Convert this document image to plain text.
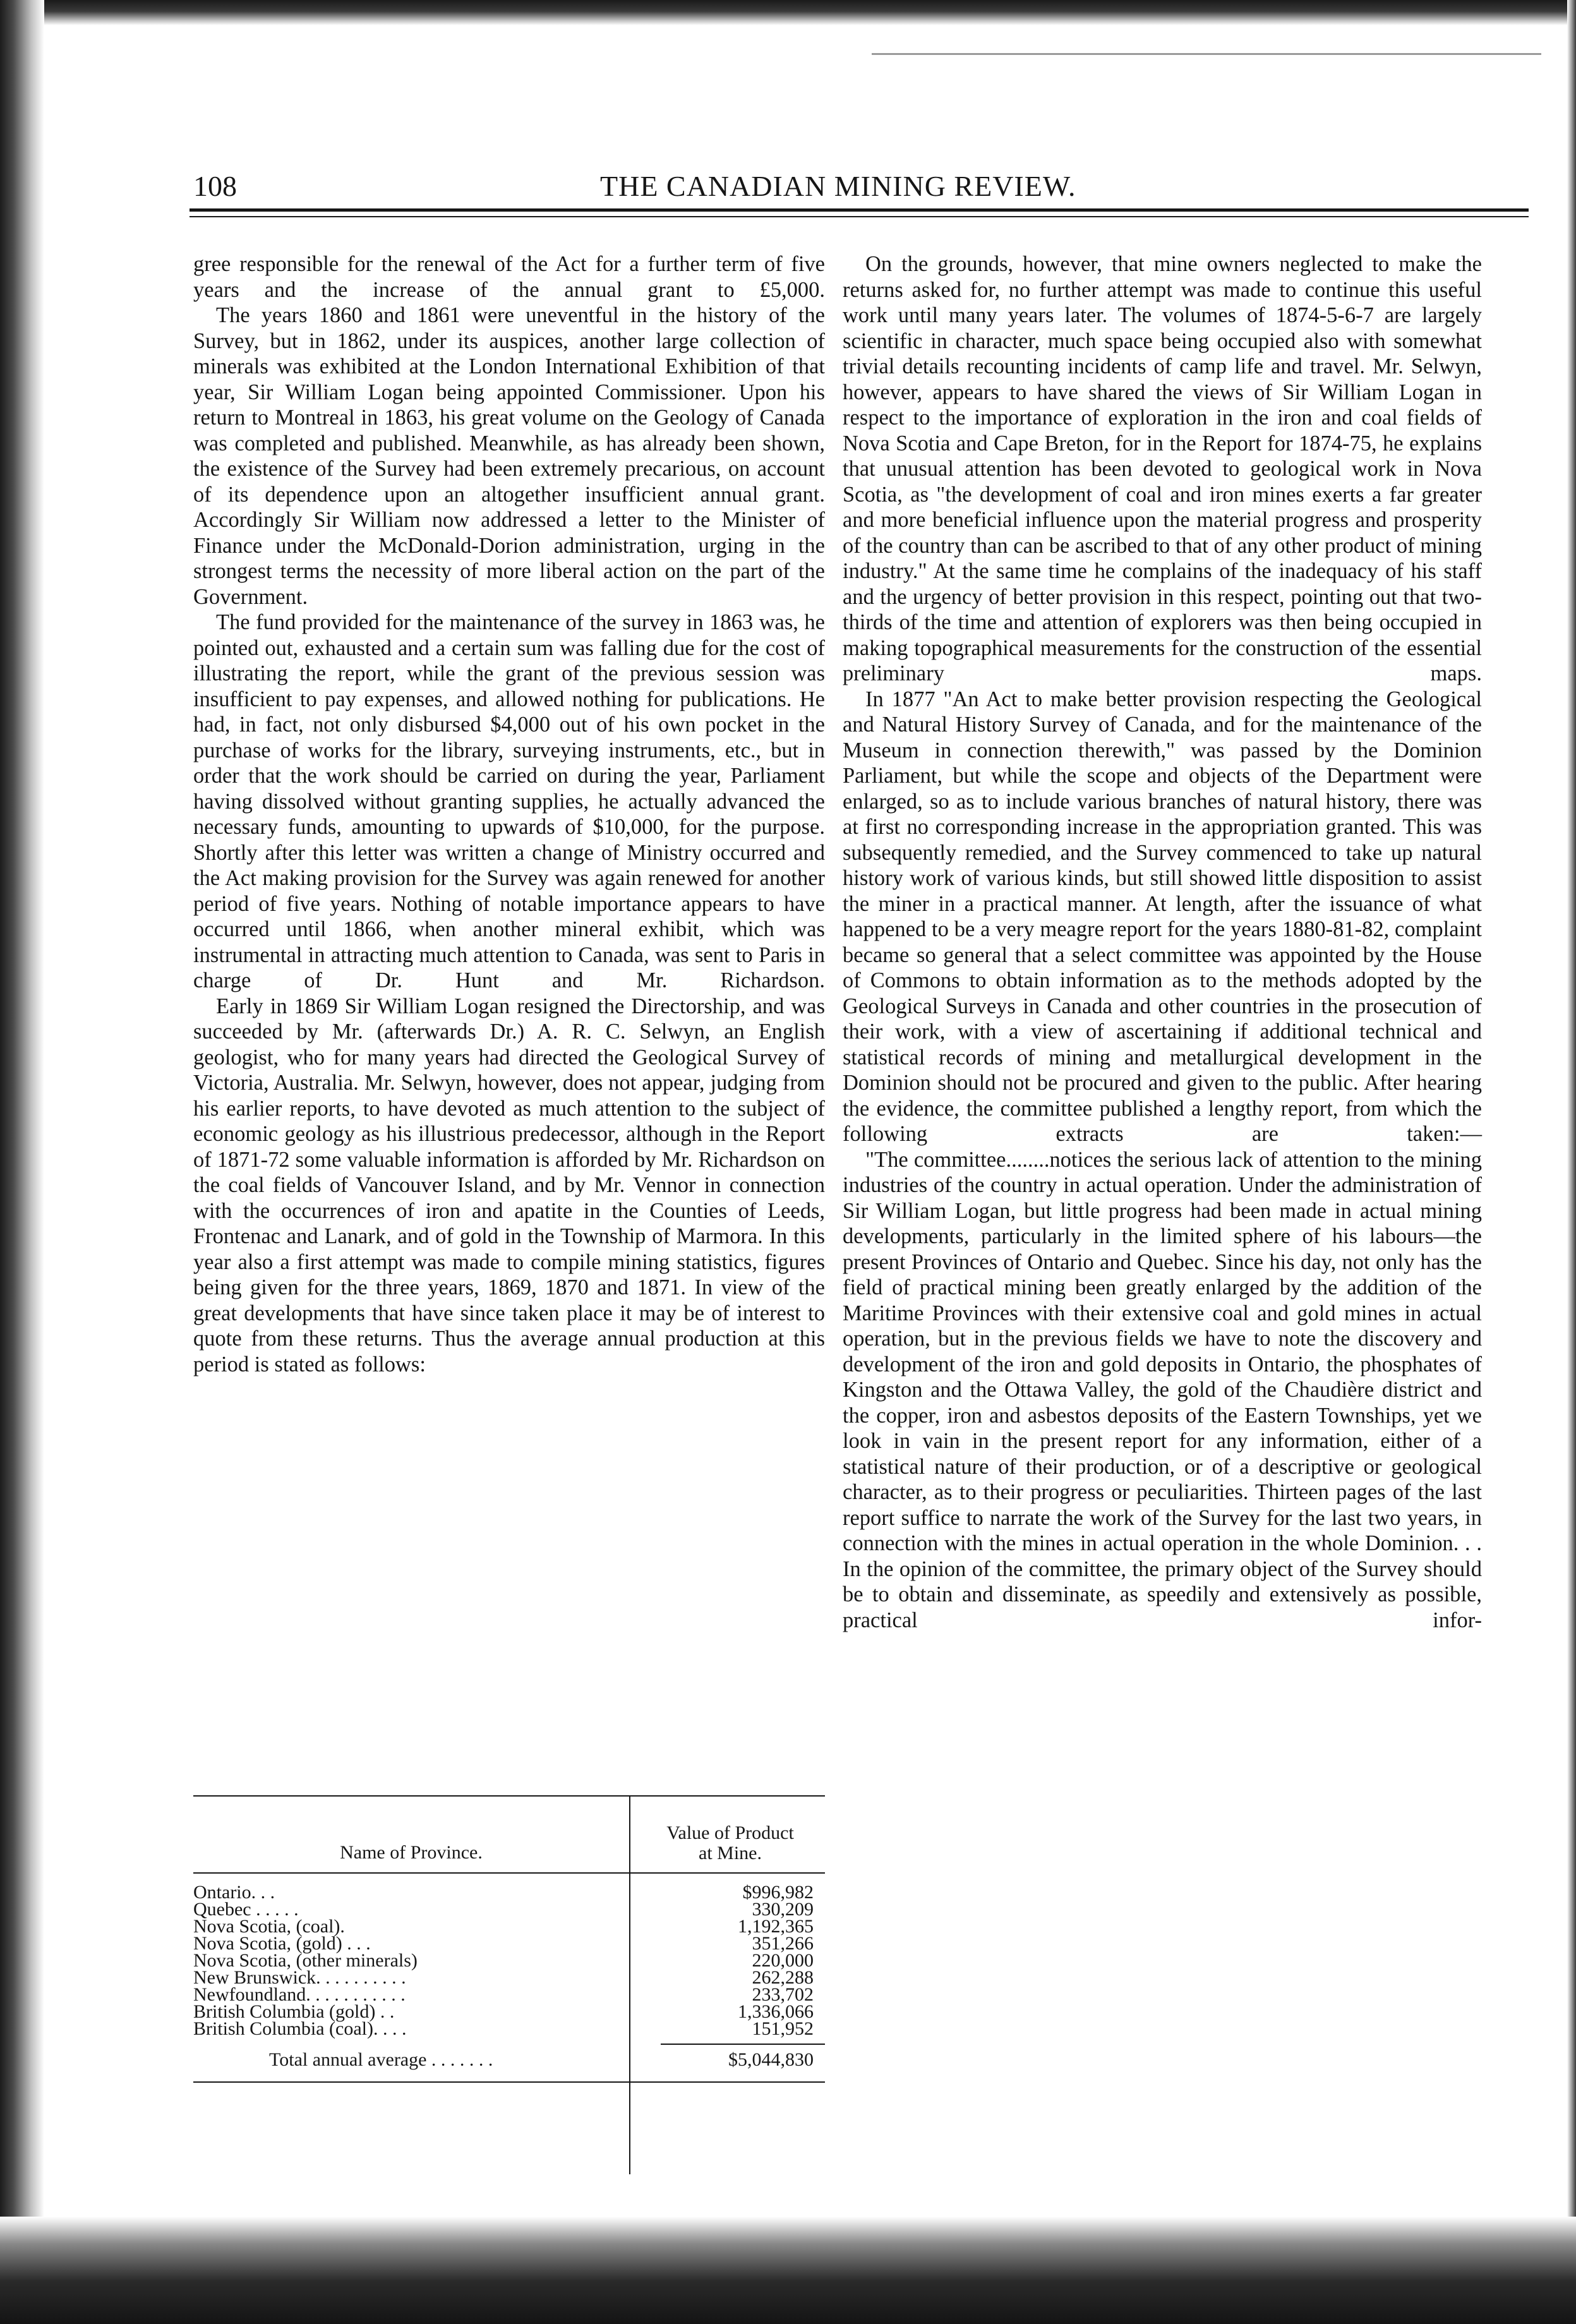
108	THE CANADIAN MINING REVIEW.

gree responsible for the renewal of the Act for a further term of five years and the increase of the annual grant to £5,000.

The years 1860 and 1861 were uneventful in the history of the Survey, but in 1862, under its auspices, another large collection of minerals was exhibited at the London International Exhibition of that year, Sir William Logan being appointed Commissioner. Upon his return to Montreal in 1863, his great volume on the Geology of Canada was completed and published. Meanwhile, as has already been shown, the existence of the Survey had been extremely precarious, on account of its dependence upon an altogether insufficient annual grant. Accordingly Sir William now addressed a letter to the Minister of Finance under the McDonald-Dorion administration, urging in the strongest terms the necessity of more liberal action on the part of the Government.

The fund provided for the maintenance of the survey in 1863 was, he pointed out, exhausted and a certain sum was falling due for the cost of illustrating the report, while the grant of the previous session was insufficient to pay expenses, and allowed nothing for publications. He had, in fact, not only disbursed $4,000 out of his own pocket in the purchase of works for the library, surveying instruments, etc., but in order that the work should be carried on during the year, Parliament having dissolved without granting supplies, he actually advanced the necessary funds, amounting to upwards of $10,000, for the purpose. Shortly after this letter was written a change of Ministry occurred and the Act making provision for the Survey was again renewed for another period of five years. Nothing of notable importance appears to have occurred until 1866, when another mineral exhibit, which was instrumental in attracting much attention to Canada, was sent to Paris in charge of Dr. Hunt and Mr. Richardson.

Early in 1869 Sir William Logan resigned the Directorship, and was succeeded by Mr. (afterwards Dr.) A. R. C. Selwyn, an English geologist, who for many years had directed the Geological Survey of Victoria, Australia. Mr. Selwyn, however, does not appear, judging from his earlier reports, to have devoted as much attention to the subject of economic geology as his illustrious predecessor, although in the Report of 1871-72 some valuable information is afforded by Mr. Richardson on the coal fields of Vancouver Island, and by Mr. Vennor in connection with the occurrences of iron and apatite in the Counties of Leeds, Frontenac and Lanark, and of gold in the Township of Marmora. In this year also a first attempt was made to compile mining statistics, figures being given for the three years, 1869, 1870 and 1871. In view of the great developments that have since taken place it may be of interest to quote from these returns. Thus the average annual production at this period is stated as follows:

Name of Province.
Value of Product
at Mine.
Ontario. . .	$996,982
Quebec . . . . .	330,209
Nova Scotia, (coal).	1,192,365
Nova Scotia, (gold) . . .	351,266
Nova Scotia, (other minerals)	220,000
New Brunswick. . . . . . . . . .	262,288
Newfoundland. . . . . . . . . . .	233,702
British Columbia (gold) . .	1,336,066
British Columbia (coal). . . .	151,952
Total annual average . . . . . . .	$5,044,830

On the grounds, however, that mine owners neglected to make the returns asked for, no further attempt was made to continue this useful work until many years later. The volumes of 1874-5-6-7 are largely scientific in character, much space being occupied also with somewhat trivial details recounting incidents of camp life and travel. Mr. Selwyn, however, appears to have shared the views of Sir William Logan in respect to the importance of exploration in the iron and coal fields of Nova Scotia and Cape Breton, for in the Report for 1874-75, he explains that unusual attention has been devoted to geological work in Nova Scotia, as "the development of coal and iron mines exerts a far greater and more beneficial influence upon the material progress and prosperity of the country than can be ascribed to that of any other product of mining industry." At the same time he complains of the inadequacy of his staff and the urgency of better provision in this respect, pointing out that two-thirds of the time and attention of explorers was then being occupied in making topographical measurements for the construction of the essential preliminary maps.

In 1877 "An Act to make better provision respecting the Geological and Natural History Survey of Canada, and for the maintenance of the Museum in connection therewith," was passed by the Dominion Parliament, but while the scope and objects of the Department were enlarged, so as to include various branches of natural history, there was at first no corresponding increase in the appropriation granted. This was subsequently remedied, and the Survey commenced to take up natural history work of various kinds, but still showed little disposition to assist the miner in a practical manner. At length, after the issuance of what happened to be a very meagre report for the years 1880-81-82, complaint became so general that a select committee was appointed by the House of Commons to obtain information as to the methods adopted by the Geological Surveys in Canada and other countries in the prosecution of their work, with a view of ascertaining if additional technical and statistical records of mining and metallurgical development in the Dominion should not be procured and given to the public. After hearing the evidence, the committee published a lengthy report, from which the following extracts are taken:—

"The committee........notices the serious lack of attention to the mining industries of the country in actual operation. Under the administration of Sir William Logan, but little progress had been made in actual mining developments, particularly in the limited sphere of his labours—the present Provinces of Ontario and Quebec. Since his day, not only has the field of practical mining been greatly enlarged by the addition of the Maritime Provinces with their extensive coal and gold mines in actual operation, but in the previous fields we have to note the discovery and development of the iron and gold deposits in Ontario, the phosphates of Kingston and the Ottawa Valley, the gold of the Chaudière district and the copper, iron and asbestos deposits of the Eastern Townships, yet we look in vain in the present report for any information, either of a statistical nature of their production, or of a descriptive or geological character, as to their progress or peculiarities. Thirteen pages of the last report suffice to narrate the work of the Survey for the last two years, in connection with the mines in actual operation in the whole Dominion. . .

In the opinion of the committee, the primary object of the Survey should be to obtain and disseminate, as speedily and extensively as possible, practical infor-
